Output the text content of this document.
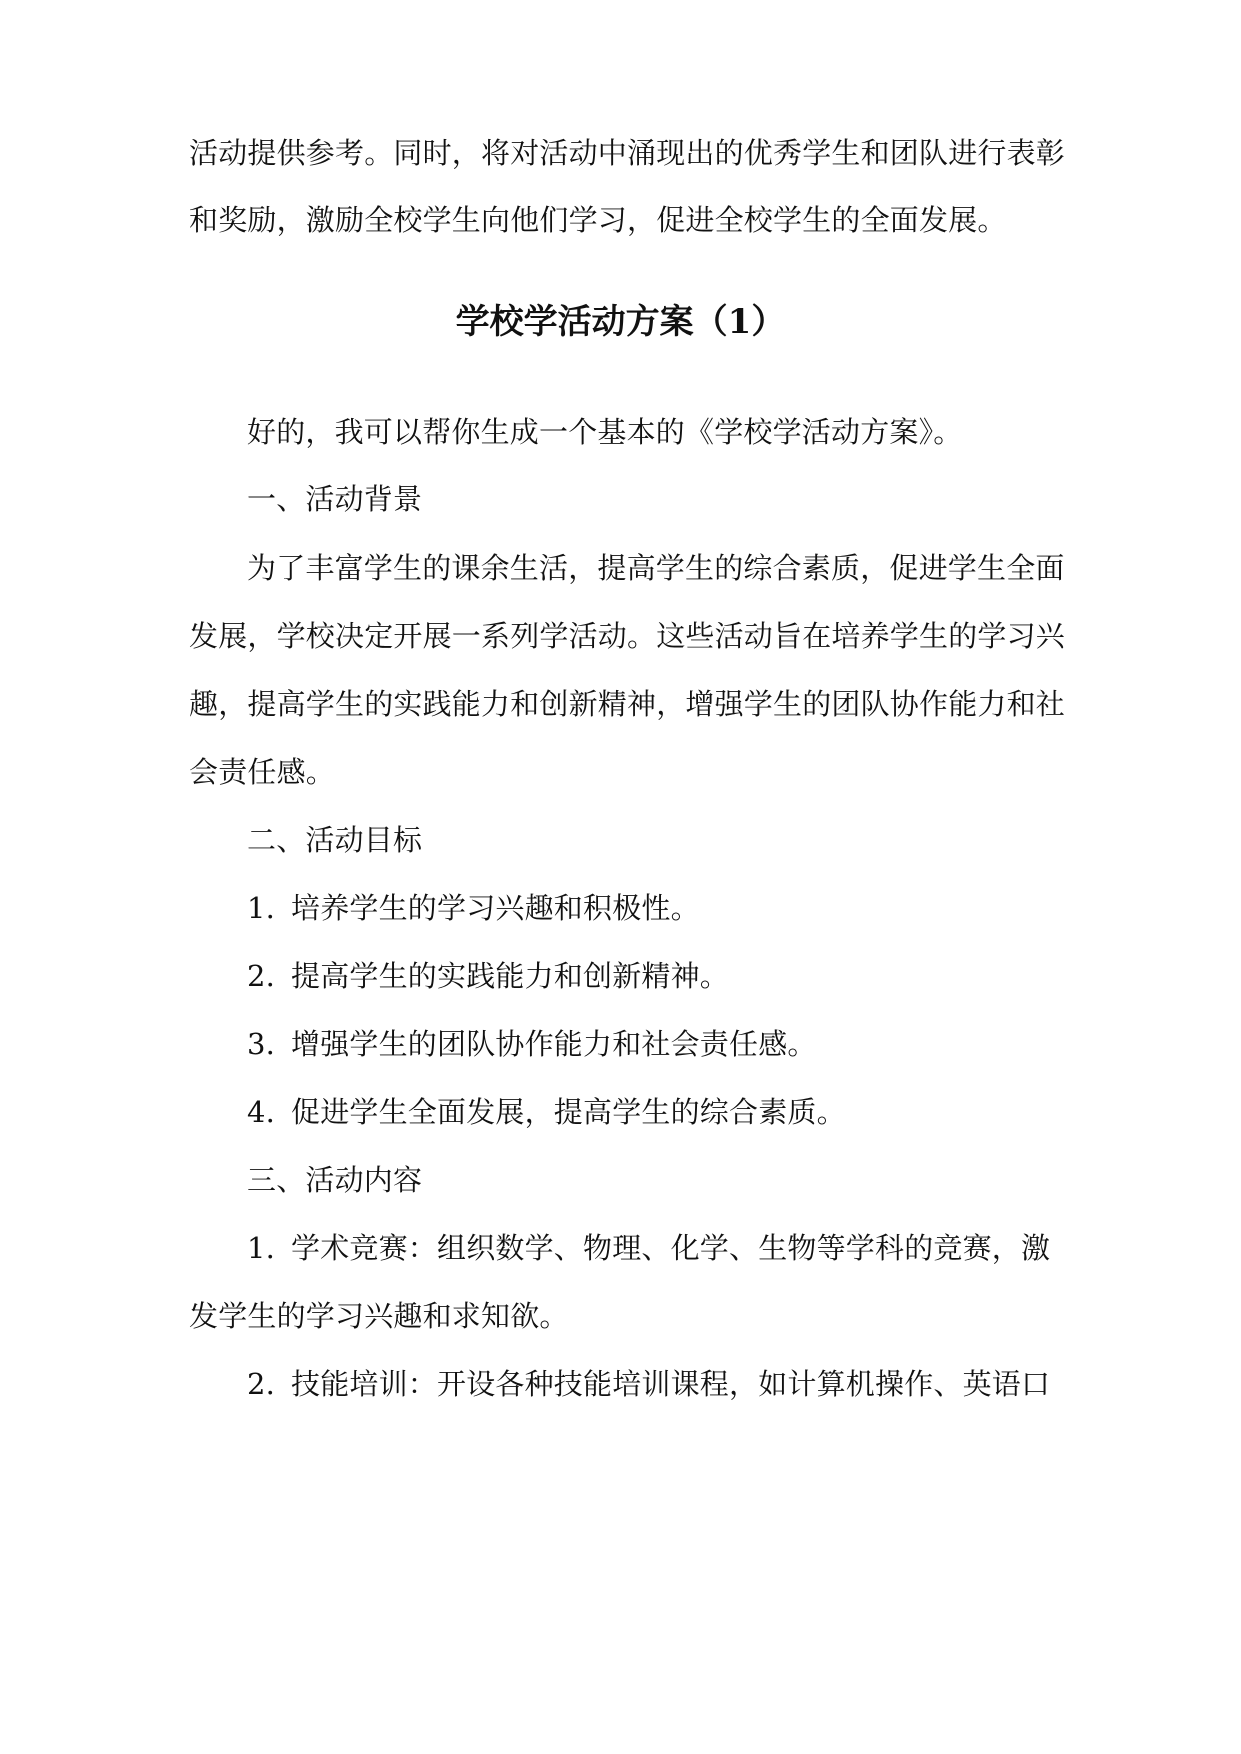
活动提供参考。同时，将对活动中涌现出的优秀学生和团队进行表彰
和奖励，激励全校学生向他们学习，促进全校学生的全面发展。
学校学活动方案（1）
好的，我可以帮你生成一个基本的《学校学活动方案》。
一、活动背景
为了丰富学生的课余生活，提高学生的综合素质，促进学生全面
发展，学校决定开展一系列学活动。这些活动旨在培养学生的学习兴
趣，提高学生的实践能力和创新精神，增强学生的团队协作能力和社
会责任感。
二、活动目标
1. 培养学生的学习兴趣和积极性。
2. 提高学生的实践能力和创新精神。
3. 增强学生的团队协作能力和社会责任感。
4. 促进学生全面发展，提高学生的综合素质。
三、活动内容
1. 学术竞赛：组织数学、物理、化学、生物等学科的竞赛，激
发学生的学习兴趣和求知欲。
2. 技能培训：开设各种技能培训课程，如计算机操作、英语口
